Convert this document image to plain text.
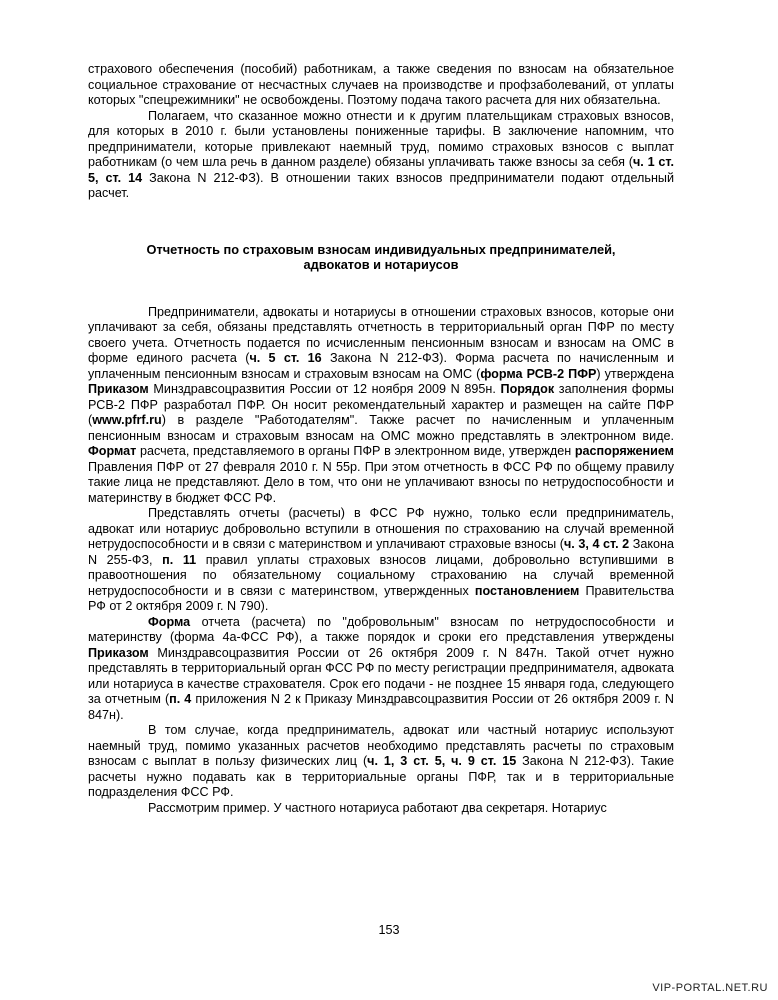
страхового обеспечения (пособий) работникам, а также сведения по взносам на обязательное социальное страхование от несчастных случаев на производстве и профзаболеваний, от уплаты которых "спецрежимники" не освобождены. Поэтому подача такого расчета для них обязательна.

Полагаем, что сказанное можно отнести и к другим плательщикам страховых взносов, для которых в 2010 г. были установлены пониженные тарифы. В заключение напомним, что предприниматели, которые привлекают наемный труд, помимо страховых взносов с выплат работникам (о чем шла речь в данном разделе) обязаны уплачивать также взносы за себя (ч. 1 ст. 5, ст. 14 Закона N 212-ФЗ). В отношении таких взносов предприниматели подают отдельный расчет.

Отчетность по страховым взносам индивидуальных предпринимателей, адвокатов и нотариусов

Предприниматели, адвокаты и нотариусы в отношении страховых взносов, которые они уплачивают за себя, обязаны представлять отчетность в территориальный орган ПФР по месту своего учета. Отчетность подается по исчисленным пенсионным взносам и взносам на ОМС в форме единого расчета (ч. 5 ст. 16 Закона N 212-ФЗ). Форма расчета по начисленным и уплаченным пенсионным взносам и страховым взносам на ОМС (форма РСВ-2 ПФР) утверждена Приказом Минздравсоцразвития России от 12 ноября 2009 N 895н. Порядок заполнения формы РСВ-2 ПФР разработал ПФР. Он носит рекомендательный характер и размещен на сайте ПФР (www.pfrf.ru) в разделе "Работодателям". Также расчет по начисленным и уплаченным пенсионным взносам и страховым взносам на ОМС можно представлять в электронном виде. Формат расчета, представляемого в органы ПФР в электронном виде, утвержден распоряжением Правления ПФР от 27 февраля 2010 г. N 55р. При этом отчетность в ФСС РФ по общему правилу такие лица не представляют. Дело в том, что они не уплачивают взносы по нетрудоспособности и материнству в бюджет ФСС РФ.

Представлять отчеты (расчеты) в ФСС РФ нужно, только если предприниматель, адвокат или нотариус добровольно вступили в отношения по страхованию на случай временной нетрудоспособности и в связи с материнством и уплачивают страховые взносы (ч. 3, 4 ст. 2 Закона N 255-ФЗ, п. 11 правил уплаты страховых взносов лицами, добровольно вступившими в правоотношения по обязательному социальному страхованию на случай временной нетрудоспособности и в связи с материнством, утвержденных постановлением Правительства РФ от 2 октября 2009 г. N 790).

Форма отчета (расчета) по "добровольным" взносам по нетрудоспособности и материнству (форма 4а-ФСС РФ), а также порядок и сроки его представления утверждены Приказом Минздравсоцразвития России от 26 октября 2009 г. N 847н. Такой отчет нужно представлять в территориальный орган ФСС РФ по месту регистрации предпринимателя, адвоката или нотариуса в качестве страхователя. Срок его подачи - не позднее 15 января года, следующего за отчетным (п. 4 приложения N 2 к Приказу Минздравсоцразвития России от 26 октября 2009 г. N 847н).

В том случае, когда предприниматель, адвокат или частный нотариус используют наемный труд, помимо указанных расчетов необходимо представлять расчеты по страховым взносам с выплат в пользу физических лиц (ч. 1, 3 ст. 5, ч. 9 ст. 15 Закона N 212-ФЗ). Такие расчеты нужно подавать как в территориальные органы ПФР, так и в территориальные подразделения ФСС РФ.

Рассмотрим пример. У частного нотариуса работают два секретаря. Нотариус

153
VIP-PORTAL.NET.RU
